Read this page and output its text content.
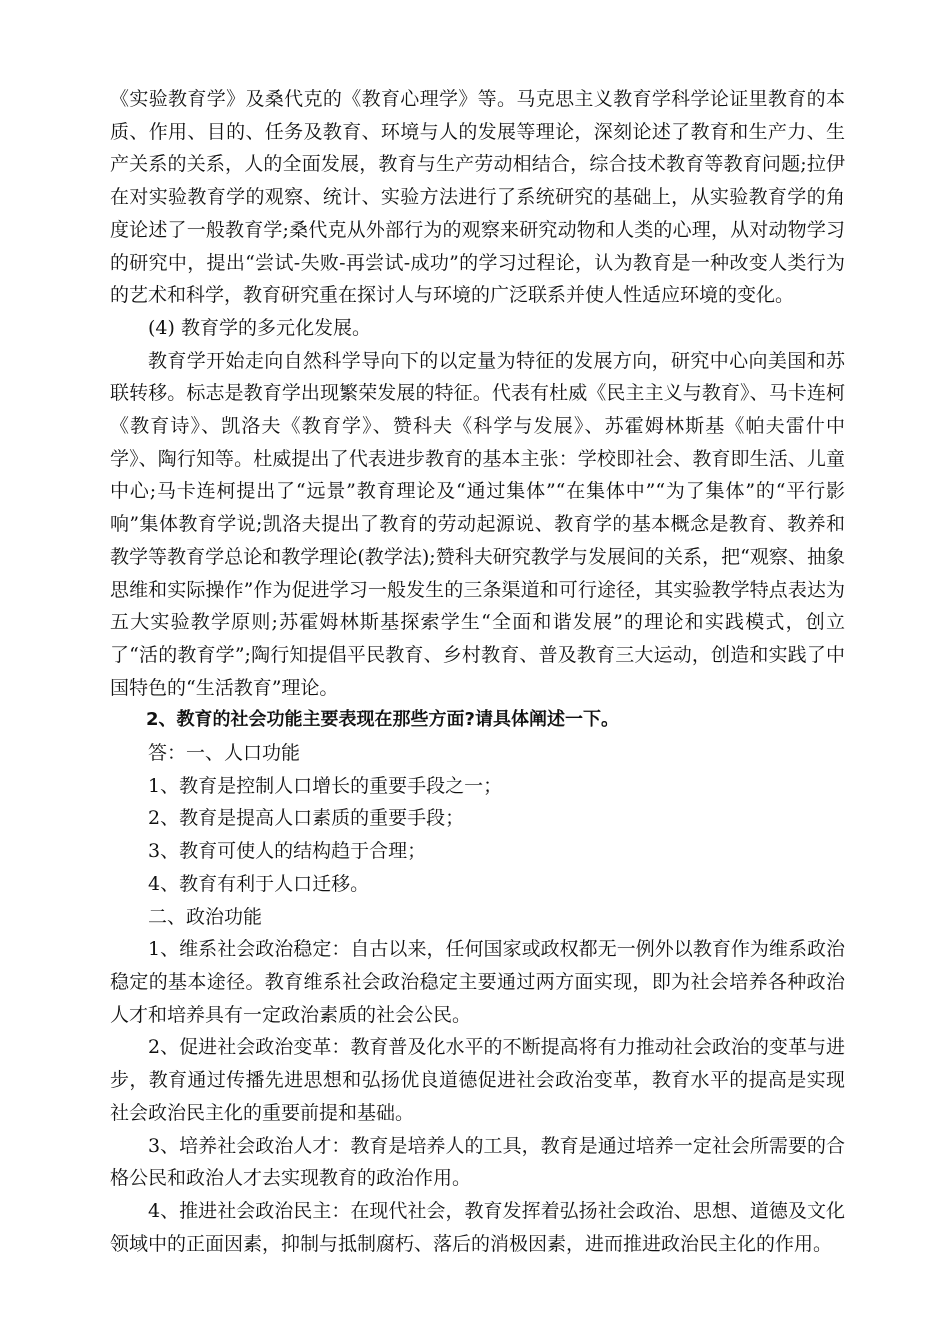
《实验教育学》及桑代克的《教育心理学》等。马克思主义教育学科学论证里教育的本质、作用、目的、任务及教育、环境与人的发展等理论，深刻论述了教育和生产力、生产关系的关系，人的全面发展，教育与生产劳动相结合，综合技术教育等教育问题;拉伊在对实验教育学的观察、统计、实验方法进行了系统研究的基础上，从实验教育学的角度论述了一般教育学;桑代克从外部行为的观察来研究动物和人类的心理，从对动物学习的研究中，提出“尝试-失败-再尝试-成功”的学习过程论，认为教育是一种改变人类行为的艺术和科学，教育研究重在探讨人与环境的广泛联系并使人性适应环境的变化。

(4) 教育学的多元化发展。

教育学开始走向自然科学导向下的以定量为特征的发展方向，研究中心向美国和苏联转移。标志是教育学出现繁荣发展的特征。代表有杜威《民主主义与教育》、马卡连柯《教育诗》、凯洛夫《教育学》、赞科夫《科学与发展》、苏霍姆林斯基《帕夫雷什中学》、陶行知等。杜威提出了代表进步教育的基本主张：学校即社会、教育即生活、儿童中心;马卡连柯提出了“远景”教育理论及“通过集体”“在集体中”“为了集体”的“平行影响”集体教育学说;凯洛夫提出了教育的劳动起源说、教育学的基本概念是教育、教养和教学等教育学总论和教学理论(教学法);赞科夫研究教学与发展间的关系，把“观察、抽象思维和实际操作”作为促进学习一般发生的三条渠道和可行途径，其实验教学特点表达为五大实验教学原则;苏霍姆林斯基探索学生“全面和谐发展”的理论和实践模式，创立了“活的教育学”;陶行知提倡平民教育、乡村教育、普及教育三大运动，创造和实践了中国特色的“生活教育”理论。

2、教育的社会功能主要表现在那些方面?请具体阐述一下。

答：一、人口功能

1、教育是控制人口增长的重要手段之一；

2、教育是提高人口素质的重要手段；

3、教育可使人的结构趋于合理；

4、教育有利于人口迁移。

二、政治功能

1、维系社会政治稳定：自古以来，任何国家或政权都无一例外以教育作为维系政治稳定的基本途径。教育维系社会政治稳定主要通过两方面实现，即为社会培养各种政治人才和培养具有一定政治素质的社会公民。

2、促进社会政治变革：教育普及化水平的不断提高将有力推动社会政治的变革与进步，教育通过传播先进思想和弘扬优良道德促进社会政治变革，教育水平的提高是实现社会政治民主化的重要前提和基础。

3、培养社会政治人才：教育是培养人的工具，教育是通过培养一定社会所需要的合格公民和政治人才去实现教育的政治作用。

4、推进社会政治民主：在现代社会，教育发挥着弘扬社会政治、思想、道德及文化领域中的正面因素，抑制与抵制腐朽、落后的消极因素，进而推进政治民主化的作用。
